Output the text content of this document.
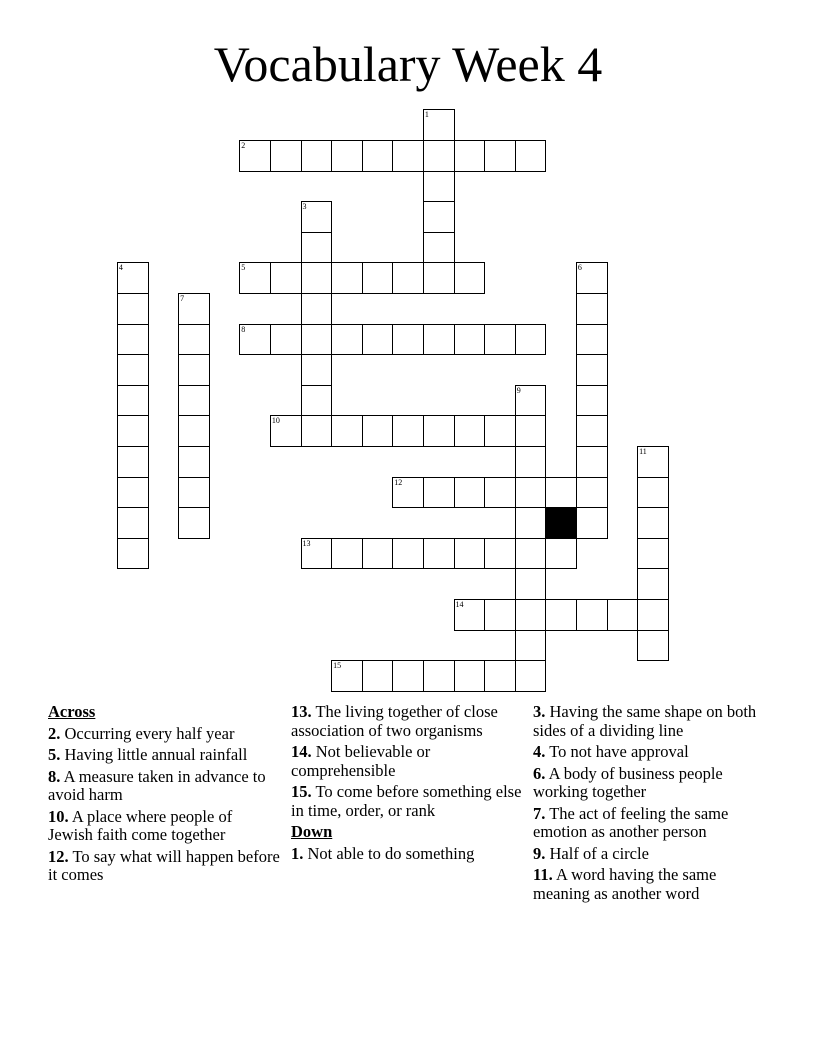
Vocabulary Week 4
1
2
3
4	5	6
7
8
9
10
11
12
13
14
15
Across
2. Occurring every half year
5. Having little annual rainfall
8. A measure taken in advance to avoid harm
10. A place where people of Jewish faith come together
12. To say what will happen before it comes
13. The living together of close association of two organisms
14. Not believable or comprehensible
15. To come before something else in time, order, or rank
Down
1. Not able to do something
3. Having the same shape on both sides of a dividing line
4. To not have approval
6. A body of business people working together
7. The act of feeling the same emotion as another person
9. Half of a circle
11. A word having the same meaning as another word
